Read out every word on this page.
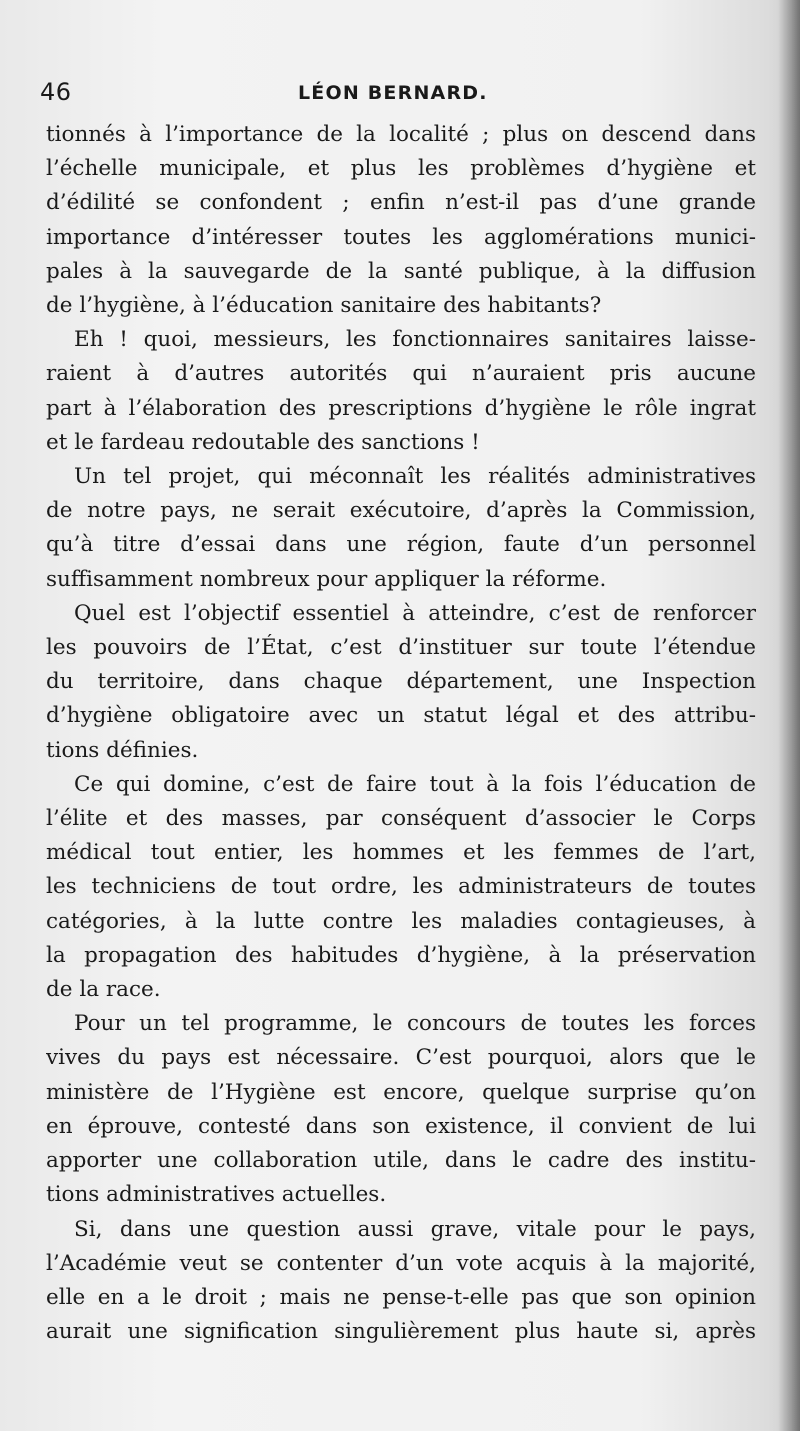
46	LÉON BERNARD.
tionnés à l’importance de la localité ; plus on descend dans
l’échelle municipale, et plus les problèmes d’hygiène et
d’édilité se confondent ; enfin n’est-il pas d’une grande
importance d’intéresser toutes les agglomérations munici-
pales à la sauvegarde de la santé publique, à la diffusion
de l’hygiène, à l’éducation sanitaire des habitants?
Eh ! quoi, messieurs, les fonctionnaires sanitaires laisse-
raient à d’autres autorités qui n’auraient pris aucune
part à l’élaboration des prescriptions d’hygiène le rôle ingrat
et le fardeau redoutable des sanctions !
Un tel projet, qui méconnaît les réalités administratives
de notre pays, ne serait exécutoire, d’après la Commission,
qu’à titre d’essai dans une région, faute d’un personnel
suffisamment nombreux pour appliquer la réforme.
Quel est l’objectif essentiel à atteindre, c’est de renforcer
les pouvoirs de l’État, c’est d’instituer sur toute l’étendue
du territoire, dans chaque département, une Inspection
d’hygiène obligatoire avec un statut légal et des attribu-
tions définies.
Ce qui domine, c’est de faire tout à la fois l’éducation de
l’élite et des masses, par conséquent d’associer le Corps
médical tout entier, les hommes et les femmes de l’art,
les techniciens de tout ordre, les administrateurs de toutes
catégories, à la lutte contre les maladies contagieuses, à
la propagation des habitudes d’hygiène, à la préservation
de la race.
Pour un tel programme, le concours de toutes les forces
vives du pays est nécessaire. C’est pourquoi, alors que le
ministère de l’Hygiène est encore, quelque surprise qu’on
en éprouve, contesté dans son existence, il convient de lui
apporter une collaboration utile, dans le cadre des institu-
tions administratives actuelles.
Si, dans une question aussi grave, vitale pour le pays,
l’Académie veut se contenter d’un vote acquis à la majorité,
elle en a le droit ; mais ne pense-t-elle pas que son opinion
aurait une signification singulièrement plus haute si, après
